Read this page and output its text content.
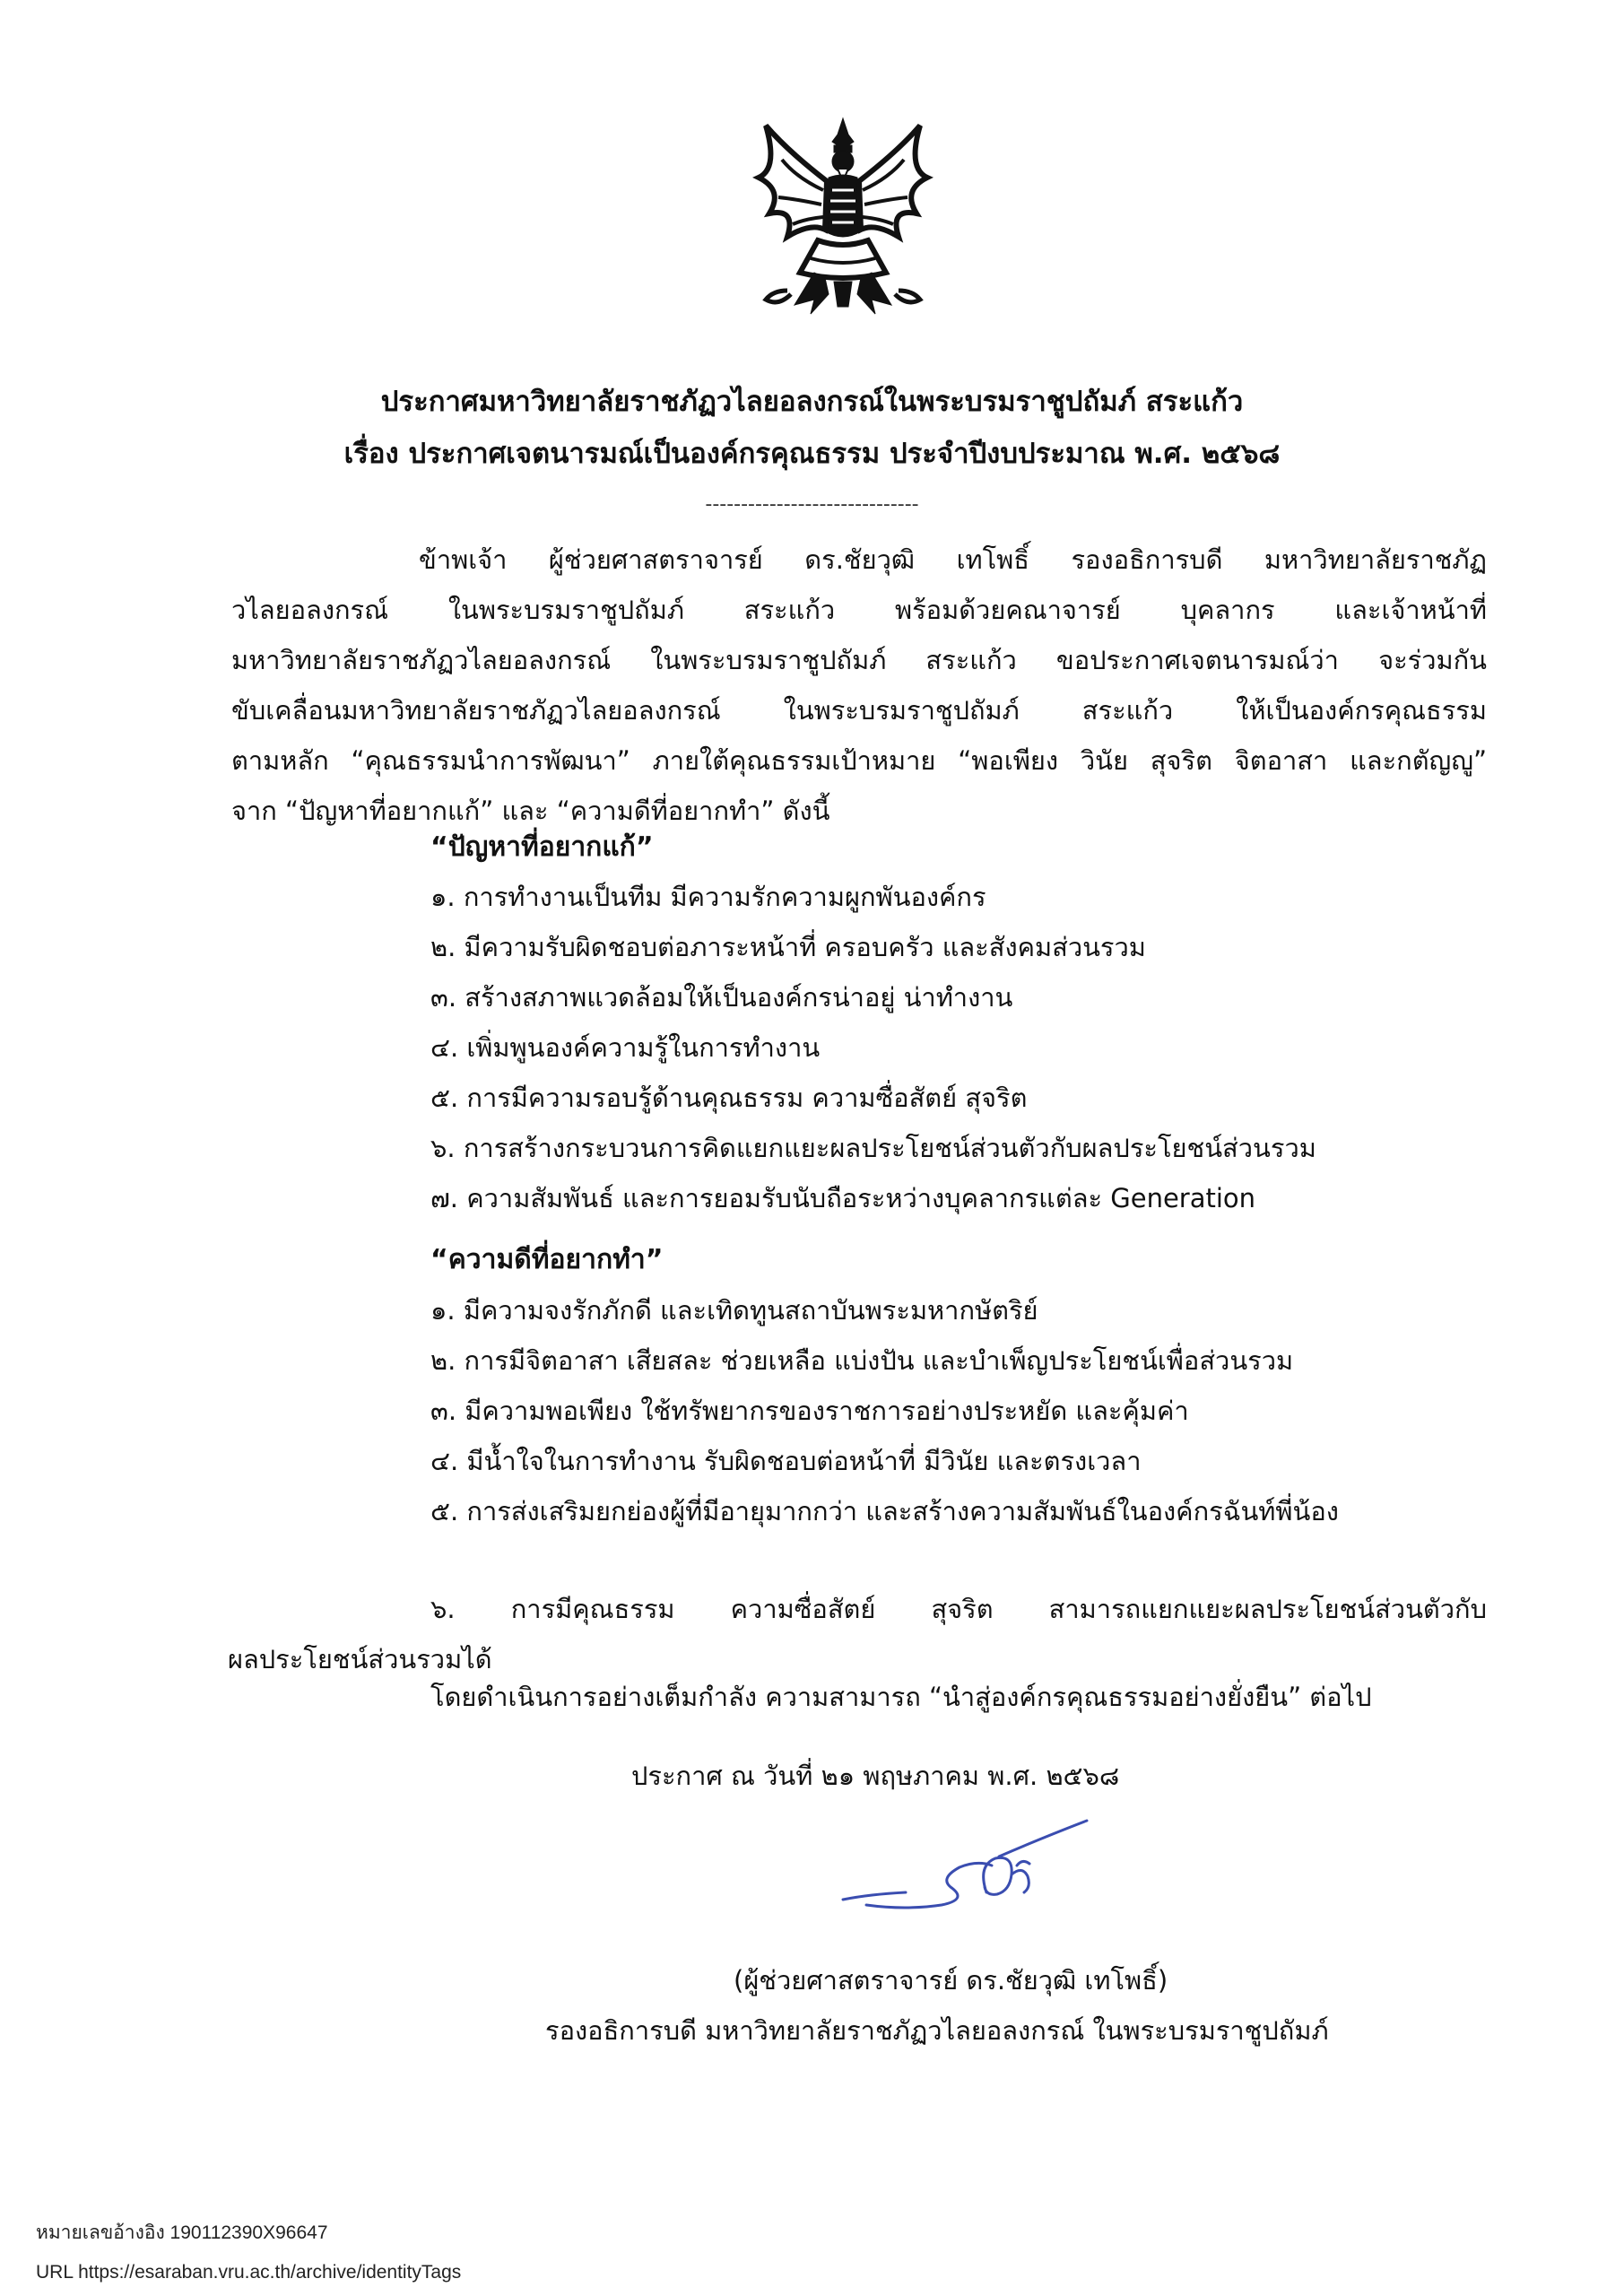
ประกาศมหาวิทยาลัยราชภัฏวไลยอลงกรณ์ในพระบรมราชูปถัมภ์ สระแก้ว
เรื่อง ประกาศเจตนารมณ์เป็นองค์กรคุณธรรม ประจำปีงบประมาณ พ.ศ. ๒๕๖๘
------------------------------
ข้าพเจ้า ผู้ช่วยศาสตราจารย์ ดร.ชัยวุฒิ เทโพธิ์ รองอธิการบดี มหาวิทยาลัยราชภัฏ
วไลยอลงกรณ์ ในพระบรมราชูปถัมภ์ สระแก้ว พร้อมด้วยคณาจารย์ บุคลากร และเจ้าหน้าที่
มหาวิทยาลัยราชภัฏวไลยอลงกรณ์ ในพระบรมราชูปถัมภ์ สระแก้ว ขอประกาศเจตนารมณ์ว่า จะร่วมกัน
ขับเคลื่อนมหาวิทยาลัยราชภัฏวไลยอลงกรณ์ ในพระบรมราชูปถัมภ์ สระแก้ว ให้เป็นองค์กรคุณธรรม
ตามหลัก “คุณธรรมนำการพัฒนา” ภายใต้คุณธรรมเป้าหมาย “พอเพียง วินัย สุจริต จิตอาสา และกตัญญู”
จาก “ปัญหาที่อยากแก้” และ “ความดีที่อยากทำ” ดังนี้
“ปัญหาที่อยากแก้”
๑. การทำงานเป็นทีม มีความรักความผูกพันองค์กร
๒. มีความรับผิดชอบต่อภาระหน้าที่ ครอบครัว และสังคมส่วนรวม
๓. สร้างสภาพแวดล้อมให้เป็นองค์กรน่าอยู่ น่าทำงาน
๔. เพิ่มพูนองค์ความรู้ในการทำงาน
๕. การมีความรอบรู้ด้านคุณธรรม ความซื่อสัตย์ สุจริต
๖. การสร้างกระบวนการคิดแยกแยะผลประโยชน์ส่วนตัวกับผลประโยชน์ส่วนรวม
๗. ความสัมพันธ์ และการยอมรับนับถือระหว่างบุคลากรแต่ละ Generation
“ความดีที่อยากทำ”
๑. มีความจงรักภักดี และเทิดทูนสถาบันพระมหากษัตริย์
๒. การมีจิตอาสา เสียสละ ช่วยเหลือ แบ่งปัน และบำเพ็ญประโยชน์เพื่อส่วนรวม
๓. มีความพอเพียง ใช้ทรัพยากรของราชการอย่างประหยัด และคุ้มค่า
๔. มีน้ำใจในการทำงาน รับผิดชอบต่อหน้าที่ มีวินัย และตรงเวลา
๕. การส่งเสริมยกย่องผู้ที่มีอายุมากกว่า และสร้างความสัมพันธ์ในองค์กรฉันท์พี่น้อง
๖. การมีคุณธรรม ความซื่อสัตย์ สุจริต สามารถแยกแยะผลประโยชน์ส่วนตัวกับ
ผลประโยชน์ส่วนรวมได้
โดยดำเนินการอย่างเต็มกำลัง ความสามารถ “นำสู่องค์กรคุณธรรมอย่างยั่งยืน” ต่อไป
ประกาศ ณ วันที่ ๒๑ พฤษภาคม พ.ศ. ๒๕๖๘
(ผู้ช่วยศาสตราจารย์ ดร.ชัยวุฒิ เทโพธิ์)
รองอธิการบดี มหาวิทยาลัยราชภัฏวไลยอลงกรณ์ ในพระบรมราชูปถัมภ์
หมายเลขอ้างอิง 190112390X96647
URL https://esaraban.vru.ac.th/archive/identityTags
